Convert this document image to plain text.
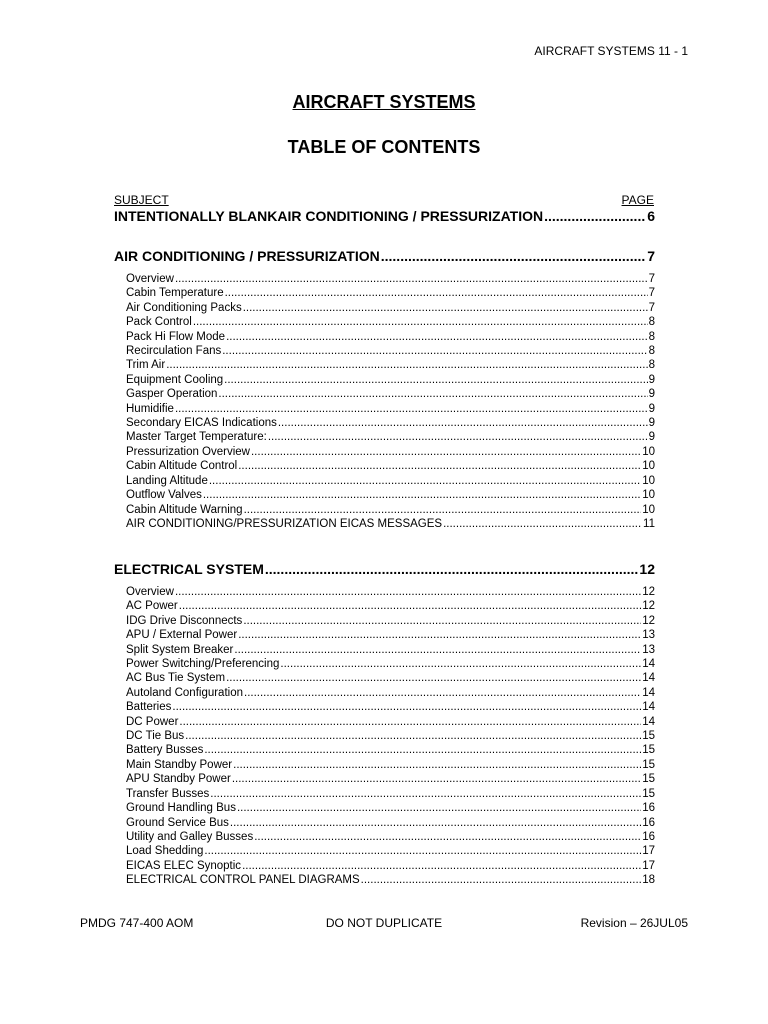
AIRCRAFT SYSTEMS 11 - 1
AIRCRAFT SYSTEMS
TABLE OF CONTENTS
SUBJECT	PAGE
INTENTIONALLY BLANKAIR CONDITIONING / PRESSURIZATION .....	6
AIR CONDITIONING / PRESSURIZATION .....	7
Overview .....	7
Cabin Temperature .....	7
Air Conditioning Packs .....	7
Pack Control .....	8
Pack Hi Flow Mode .....	8
Recirculation Fans .....	8
Trim Air .....	8
Equipment Cooling .....	9
Gasper Operation .....	9
Humidifie .....	9
Secondary EICAS Indications .....	9
Master Target Temperature: .....	9
Pressurization Overview .....	10
Cabin Altitude Control .....	10
Landing Altitude .....	10
Outflow Valves .....	10
Cabin Altitude Warning .....	10
AIR CONDITIONING/PRESSURIZATION EICAS MESSAGES .....	11
ELECTRICAL SYSTEM .....	12
Overview .....	12
AC Power .....	12
IDG Drive Disconnects .....	12
APU / External Power .....	13
Split System Breaker .....	13
Power Switching/Preferencing .....	14
AC Bus Tie System .....	14
Autoland Configuration .....	14
Batteries .....	14
DC Power .....	14
DC Tie Bus .....	15
Battery Busses .....	15
Main Standby Power .....	15
APU Standby Power .....	15
Transfer Busses .....	15
Ground Handling Bus .....	16
Ground Service Bus .....	16
Utility and Galley Busses .....	16
Load Shedding .....	17
EICAS ELEC Synoptic .....	17
ELECTRICAL CONTROL PANEL DIAGRAMS .....	18
PMDG 747-400 AOM	DO NOT DUPLICATE	Revision – 26JUL05
